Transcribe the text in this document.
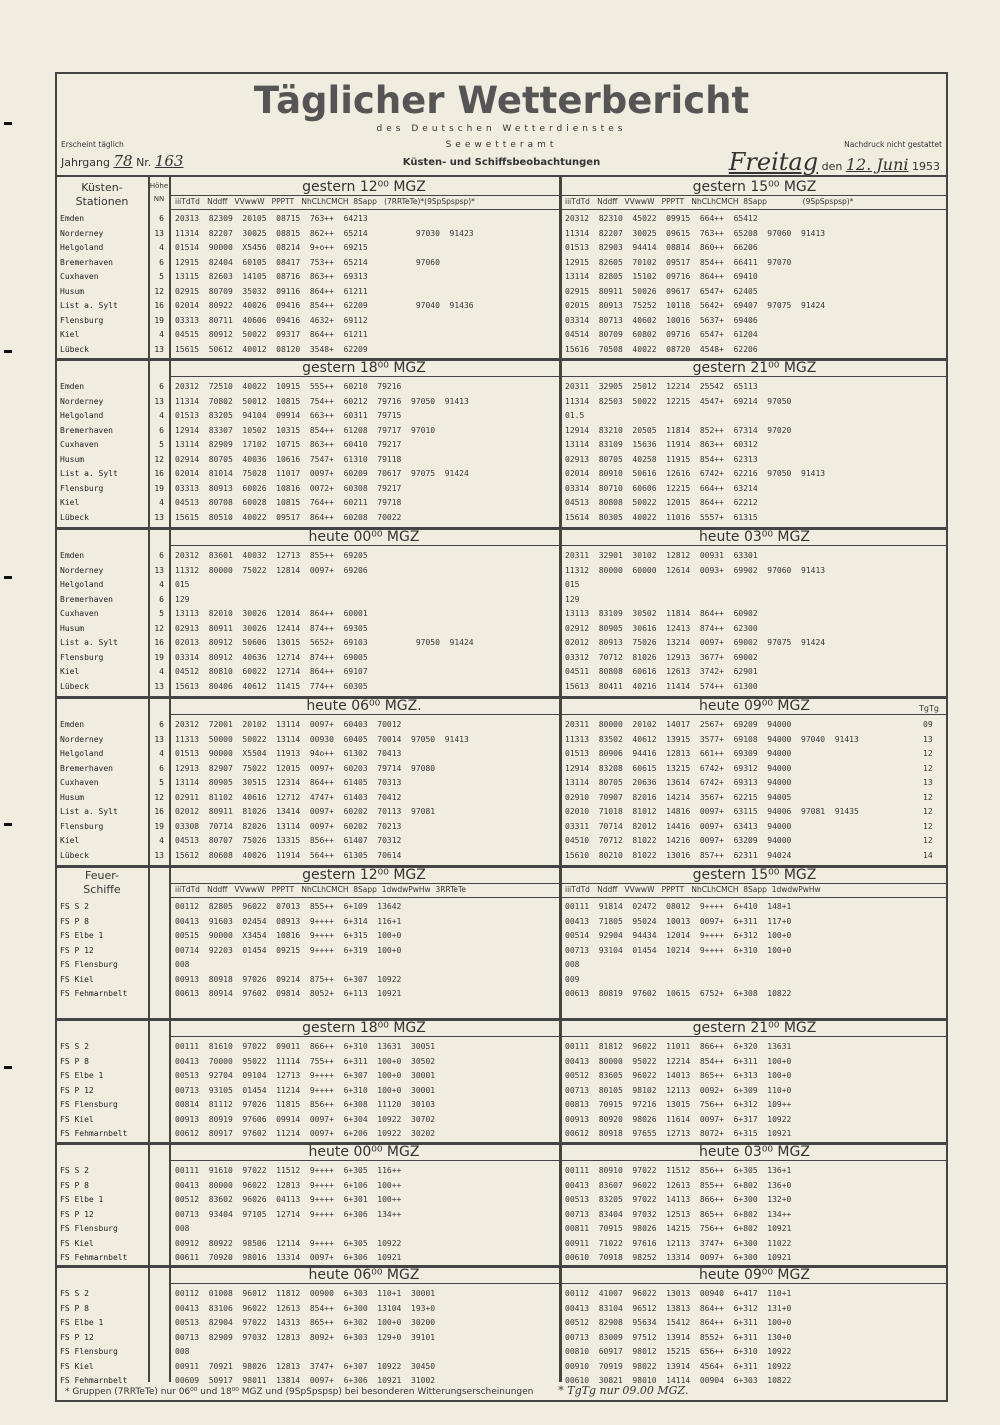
Täglicher Wetterbericht
des Deutschen Wetterdienstes
Seewetteramt
Erscheint täglich	Nachdruck nicht gestattet
Jahrgang 78 Nr. 163	Küsten- und Schiffsbeobachtungen	Freitag den 12. Juni 1953
gestern 12⁰⁰ MGZ	gestern 15⁰⁰ MGZ
Küsten-
Stationen
Höhe
NN	iiiTdTd   Nddff   VVwwW   PPPTT   NhCLhCMCH  8Sapp   (7RRTeTe)*(9SpSpspsp)*	iiiTdTd   Nddff   VVwwW   PPPTT   NhCLhCMCH  8Sapp               (9SpSpspsp)*
Emden	6 20313  82309  20105  08715  763++  64213	20312  82310  45022  09915  664++  65412
Norderney	13 11314  82207  30025  08815  862++  65214          97030  91423	11314  82207  30025  09615  763++  65208  97060  91413
Helgoland	4 01514  90000  X5456  08214  9+o++  69215	01513  82903  94414  08814  860++  66206
Bremerhaven	6 12915  82404  60105  08417  753++  65214          97060	12915  82605  70102  09517  854++  66411  97070
Cuxhaven	5 13115  82603  14105  08716  863++  69313	13114  82805  15102  09716  864++  69410
Husum	12 02915  80709  35032  09116  864++  61211	02915  80911  50026  09617  6547+  62405
List a. Sylt	16 02014  80922  40026  09416  854++  62209          97040  91436	02015  80913  75252  10118  5642+  69407  97075  91424
Flensburg	19 03313  80711  40606  09416  4632+  69112	03314  80713  40602  10016  5637+  69406
Kiel	4 04515  80912  50022  09317  864++  61211	04514  80709  60802  09716  6547+  61204
Lübeck	13 15615  50612  40012  08120  3548+  62209	15616  70508  40022  08720  4548+  62206
gestern 18⁰⁰ MGZ	gestern 21⁰⁰ MGZ
Emden	6 20312  72510  40022  10915  555++  60210  79216	20311  32905  25012  12214  25542  65113
Norderney	13 11314  70802  50012  10815  754++  60212  79716  97050  91413	11314  82503  50022  12215  4547+  69214  97050
Helgoland	4 01513  83205  94104  09914  663++  60311  79715	01.5
Bremerhaven	6 12914  83307  10502  10315  854++  61208  79717  97010	12914  83210  20505  11814  852++  67314  97020
Cuxhaven	5 13114  82909  17102  10715  863++  60410  79217	13114  83109  15636  11914  863++  60312
Husum	12 02914  80705  40036  10616  7547+  61310  79118	02913  80705  40258  11915  854++  62313
List a. Sylt	16 02014  81014  75028  11017  0097+  60209  70617  97075  91424	02014  80910  50616  12616  6742+  62216  97050  91413
Flensburg	19 03313  80913  60026  10816  0072+  60308  79217	03314  80710  60606  12215  664++  63214
Kiel	4 04513  80708  60028  10815  764++  60211  79718	04513  80808  50022  12015  864++  62212
Lübeck	13 15615  80510  40022  09517  864++  60208  70022	15614  80305  40022  11016  5557+  61315
heute 00⁰⁰ MGZ	heute 03⁰⁰ MGZ
Emden	6 20312  83601  40032  12713  855++  69205	20311  32901  30102  12812  00931  63301
Norderney	13 11312  80000  75022  12814  0097+  69206	11312  80000  60000  12614  0093+  69902  97060  91413
Helgoland	4 015	015
Bremerhaven	6 129	129
Cuxhaven	5 13113  82010  30026  12014  864++  60001	13113  83109  30502  11814  864++  60902
Husum	12 02913  80911  30026  12414  874++  69305	02912  80905  30616  12413  874++  62300
List a. Sylt	16 02013  80912  50606  13015  5652+  69103          97050  91424	02012  80913  75026  13214  0097+  69002  97075  91424
Flensburg	19 03314  80912  40636  12714  874++  69005	03312  70712  81026  12913  3677+  69002
Kiel	4 04512  80810  60022  12714  864++  69107	04511  80808  60616  12613  3742+  62901
Lübeck	13 15613  80406  40612  11415  774++  60305	15613  80411  40216  11414  574++  61300
heute 06⁰⁰ MGZ.	heute 09⁰⁰ MGZ	TgTg
Emden	6 20312  72001  20102  13114  0097+  60403  70012	20311  80000  20102  14017  2567+  69209  94000	09
Norderney	13 11313  50000  50022  13114  00930  60405  70014  97050  91413	11313  83502  40612  13915  3577+  69108  94000  97040  91413	13
Helgoland	4 01513  90000  X5504  11913  94o++  61302  70413	01513  80906  94416  12813  661++  69309  94000	12
Bremerhaven	6 12913  82907  75022  12015  0097+  60203  79714  97080	12914  83208  60615  13215  6742+  69312  94000	12
Cuxhaven	5 13114  80905  30515  12314  864++  61405  70313	13114  80705  20636  13614  6742+  69313  94000	13
Husum	12 02911  81102  40616  12712  4747+  61403  70412	02910  70907  82016  14214  3567+  62215  94005	12
List a. Sylt	16 02012  80911  81026  13414  0097+  60202  70113  97081	02010  71018  81012  14816  0097+  63115  94006  97081  91435	12
Flensburg	19 03308  70714  82026  13114  0097+  60202  70213	03311  70714  82012  14416  0097+  63413  94000	12
Kiel	4 04513  80707  75026  13315  856++  61407  70312	04510  70712  81022  14216  0097+  63209  94000	12
Lübeck	13 15612  80608  40026  11914  564++  61305  70614	15610  80210  81022  13016  857++  62311  94024	14
gestern 12⁰⁰ MGZ	gestern 15⁰⁰ MGZ
Feuer-
Schiffe	iiiTdTd   Nddff   VVwwW   PPPTT   NhCLhCMCH  8Sapp  1dwdwPwHw  3RRTeTe	iiiTdTd   Nddff   VVwwW   PPPTT   NhCLhCMCH  8Sapp  1dwdwPwHw
FS S 2	00112  82805  96022  07013  855++  6+109  13642	00111  91814  02472  08012  9++++  6+410  148+1
FS P 8	00413  91603  02454  08913  9++++  6+314  116+1	00413  71805  95024  10013  0097+  6+311  117+0
FS Elbe 1	00515  90000  X3454  10816  9++++  6+315  100+0	00514  92904  94434  12014  9++++  6+312  100+0
FS P 12	00714  92203  01454  09215  9++++  6+319  100+0	00713  93104  01454  10214  9++++  6+310  100+0
FS Flensburg	008	008
FS Kiel	00913  80918  97026  09214  875++  6+307  10922	009
FS Fehmarnbelt	00613  80914  97602  09814  8052+  6+113  10921	00613  80819  97602  10615  6752+  6+308  10822
gestern 18⁰⁰ MGZ	gestern 21⁰⁰ MGZ
FS S 2	00111  81610  97022  09011  866++  6+310  13631  30051	00111  81812  96022  11011  866++  6+320  13631
FS P 8	00413  70000  95022  11114  755++  6+311  100+0  30502	00413  80000  95022  12214  854++  6+311  100+0
FS Elbe 1	00513  92704  09104  12713  9++++  6+307  100+0  30001	00512  83605  96022  14013  865++  6+313  100+0
FS P 12	00713  93105  01454  11214  9++++  6+310  100+0  30001	00713  80105  98102  12113  0092+  6+309  110+0
FS Flensburg	00814  81112  97026  11815  856++  6+308  11120  30103	00813  70915  97216  13015  756++  6+312  109++
FS Kiel	00913  80919  97606  09914  0097+  6+304  10922  30702	00913  80920  98026  11614  0097+  6+317  10922
FS Fehmarnbelt	00612  80917  97602  11214  0097+  6+206  10922  30202	00612  80918  97655  12713  8072+  6+315  10921
heute 00⁰⁰ MGZ	heute 03⁰⁰ MGZ
FS S 2	00111  91610  97022  11512  9++++  6+305  116++	00111  80910  97022  11512  856++  6+305  136+1
FS P 8	00413  80000  96022  12813  9++++  6+106  100++	00413  83607  96022  12613  855++  6+802  136+0
FS Elbe 1	00512  83602  96026  04113  9++++  6+301  100++	00513  83205  97022  14113  866++  6+300  132+0
FS P 12	00713  93404  97105  12714  9++++  6+306  134++	00713  83404  97032  12513  865++  6+802  134++
FS Flensburg	008	00811  70915  98026  14215  756++  6+802  10921
FS Kiel	00912  80922  98506  12114  9++++  6+305  10922	00911  71022  97616  12113  3747+  6+300  11022
FS Fehmarnbelt	00611  70920  98016  13314  0097+  6+306  10921	00610  70918  98252  13314  0097+  6+300  10921
heute 06⁰⁰ MGZ	heute 09⁰⁰ MGZ
FS S 2	00112  01008  96012  11812  00900  6+303  110+1  30001	00112  41007  96022  13013  00940  6+417  110+1
FS P 8	00413  83106  96022  12613  854++  6+300  13104  193+0	00413  83104  96512  13813  864++  6+312  131+0
FS Elbe 1	00513  82904  97022  14313  865++  6+302  100+0  30200	00512  82908  95634  15412  864++  6+311  100+0
FS P 12	00713  82909  97032  12813  8092+  6+303  129+0  39101	00713  83009  97512  13914  8552+  6+311  130+0
FS Flensburg	008	00810  60917  98012  15215  656++  6+310  10922
FS Kiel	00911  70921  98026  12813  3747+  6+307  10922  30450	00910  70919  98022  13914  4564+  6+311  10922
FS Fehmarnbelt	00609  50917  98011  13814  0097+  6+306  10921  31002	00610  30821  98010  14114  00904  6+303  10822
* Gruppen (7RRTeTe) nur 06⁰⁰ und 18⁰⁰ MGZ und (9SpSpspsp) bei besonderen Witterungserscheinungen * TgTg nur 09.00 MGZ.
